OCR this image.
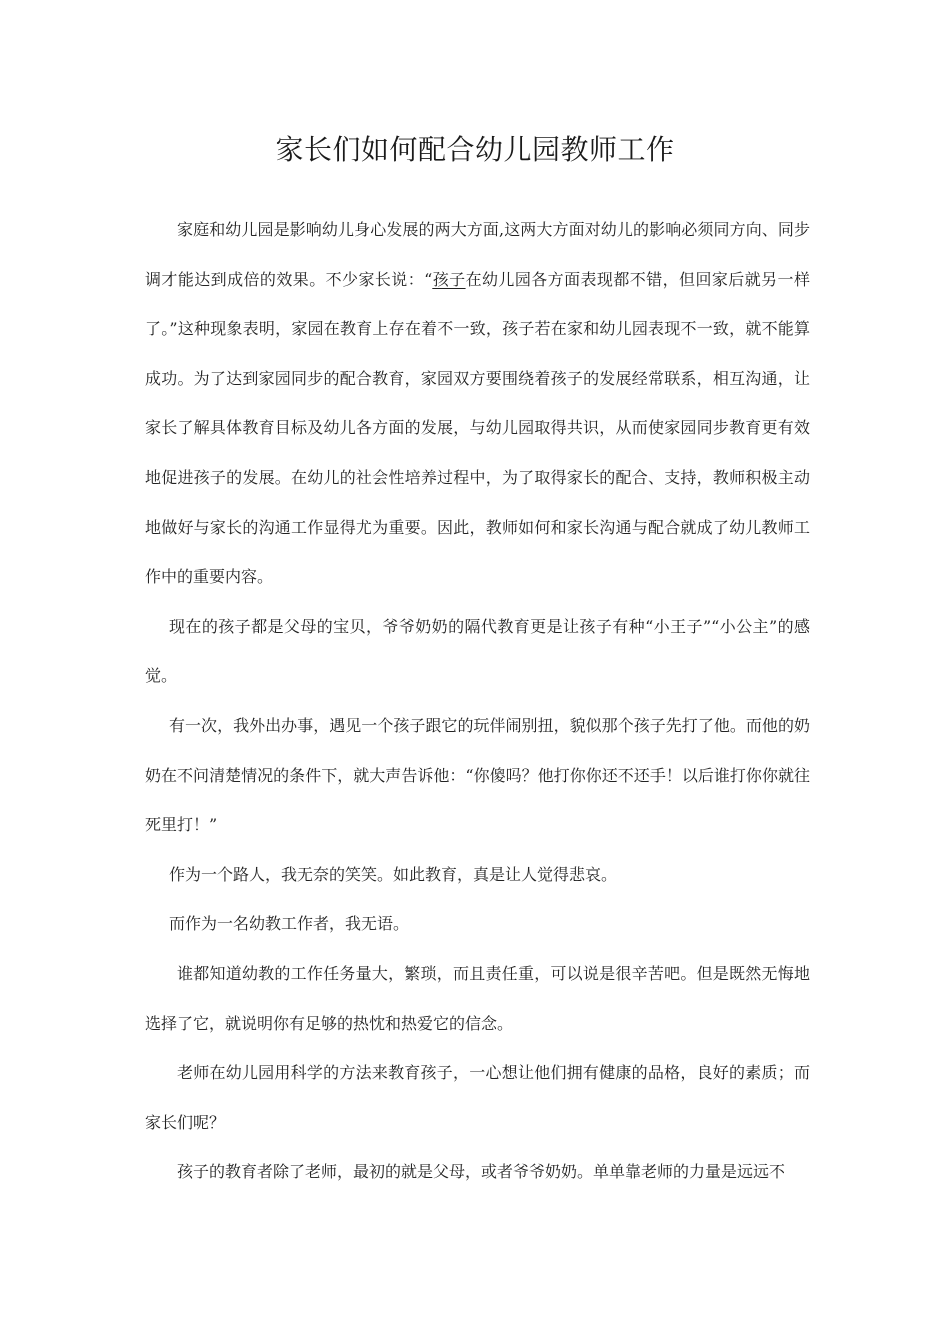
家长们如何配合幼儿园教师工作

家庭和幼儿园是影响幼儿身心发展的两大方面,这两大方面对幼儿的影响必须同方向、同步调才能达到成倍的效果。不少家长说：“孩子在幼儿园各方面表现都不错，但回家后就另一样了。”这种现象表明，家园在教育上存在着不一致，孩子若在家和幼儿园表现不一致，就不能算成功。为了达到家园同步的配合教育，家园双方要围绕着孩子的发展经常联系，相互沟通，让家长了解具体教育目标及幼儿各方面的发展，与幼儿园取得共识，从而使家园同步教育更有效地促进孩子的发展。在幼儿的社会性培养过程中，为了取得家长的配合、支持，教师积极主动地做好与家长的沟通工作显得尤为重要。因此，教师如何和家长沟通与配合就成了幼儿教师工作中的重要内容。

现在的孩子都是父母的宝贝，爷爷奶奶的隔代教育更是让孩子有种“小王子”“小公主”的感觉。

有一次，我外出办事，遇见一个孩子跟它的玩伴闹别扭，貌似那个孩子先打了他。而他的奶奶在不问清楚情况的条件下，就大声告诉他：“你傻吗？他打你你还不还手！以后谁打你你就往死里打！”

作为一个路人，我无奈的笑笑。如此教育，真是让人觉得悲哀。

而作为一名幼教工作者，我无语。

谁都知道幼教的工作任务量大，繁琐，而且责任重，可以说是很辛苦吧。但是既然无悔地选择了它，就说明你有足够的热忱和热爱它的信念。

老师在幼儿园用科学的方法来教育孩子，一心想让他们拥有健康的品格，良好的素质；而家长们呢？

孩子的教育者除了老师，最初的就是父母，或者爷爷奶奶。单单靠老师的力量是远远不
